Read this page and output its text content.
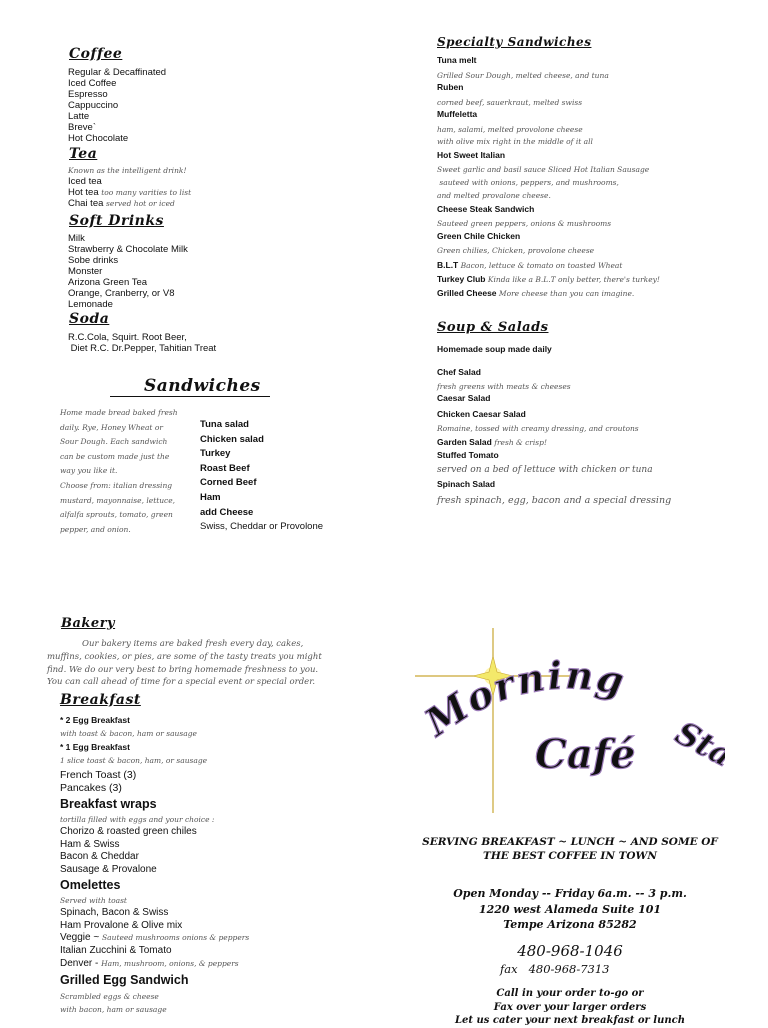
Coffee
Regular & Decaffinated
Iced Coffee
Espresso
Cappuccino
Latte
Breve`
Hot Chocolate
Tea
Known as the intelligent drink!
Iced tea
Hot tea too many varities to list
Chai tea served hot or iced
Soft Drinks
Milk
Strawberry & Chocolate Milk
Sobe drinks
Monster
Arizona Green Tea
Orange, Cranberry, or V8
Lemonade
Soda
R.C.Cola, Squirt. Root Beer,
Diet R.C. Dr.Pepper, Tahitian Treat
Sandwiches
Home made bread baked fresh
daily. Rye, Honey Wheat or
Sour Dough. Each sandwich
can be custom made just the
way you like it.
Choose from: italian dressing
mustard, mayonnaise, lettuce,
alfalfa sprouts, tomato, green
pepper, and onion.
Tuna salad
Chicken salad
Turkey
Roast Beef
Corned Beef
Ham
add Cheese
Swiss, Cheddar or Provolone
Specialty Sandwiches
Tuna melt
Grilled Sour Dough, melted cheese, and tuna
Ruben
corned beef, sauerkraut, melted swiss
Muffeletta
ham, salami, melted provolone cheese
with olive mix right in the middle of it all
Hot Sweet Italian
Sweet garlic and basil sauce Sliced Hot Italian Sausage
sauteed with onions, peppers, and mushrooms,
and melted provalone cheese.
Cheese Steak Sandwich
Sauteed green peppers, onions & mushrooms
Green Chile Chicken
Green chilies, Chicken, provolone cheese
B.L.T Bacon, lettuce & tomato on toasted Wheat
Turkey Club Kinda like a B.L.T only better, there's turkey!
Grilled Cheese More cheese than you can imagine.
Soup & Salads
Homemade soup made daily
Chef Salad
fresh greens with meats & cheeses
Caesar Salad
Chicken Caesar Salad
Romaine, tossed with creamy dressing, and croutons
Garden Salad fresh & crisp!
Stuffed Tomato
served on a bed of lettuce with chicken or tuna
Spinach Salad
fresh spinach, egg, bacon and a special dressing
Bakery
Our bakery items are baked fresh every day, cakes,
muffins, cookies, or pies, are some of the tasty treats you might
find. We do our very best to bring homemade freshness to you.
You can call ahead of time for a special event or special order.
Breakfast
* 2 Egg Breakfast
with toast & bacon, ham or sausage
* 1 Egg Breakfast
1 slice toast & bacon, ham, or sausage
French Toast (3)
Pancakes (3)
Breakfast wraps
tortilla filled with eggs and your choice :
Chorizo & roasted green chiles
Ham & Swiss
Bacon & Cheddar
Sausage & Provalone
Omelettes
Served with toast
Spinach, Bacon & Swiss
Ham Provalone & Olive mix
Veggie ~ Sauteed mushrooms onions & peppers
Italian Zucchini & Tomato
Denver - Ham, mushroom, onions, & peppers
Grilled Egg Sandwich
Scrambled eggs & cheese
with bacon, ham or sausage
Morning
Star
Café
SERVING BREAKFAST ~ LUNCH ~ AND SOME OF
THE BEST COFFEE IN TOWN
Open Monday -- Friday 6a.m. -- 3 p.m.
1220 west Alameda Suite 101
Tempe Arizona 85282
480-968-1046
fax   480-968-7313
Call in your order to-go or
Fax over your larger orders
Let us cater your next breakfast or lunch
